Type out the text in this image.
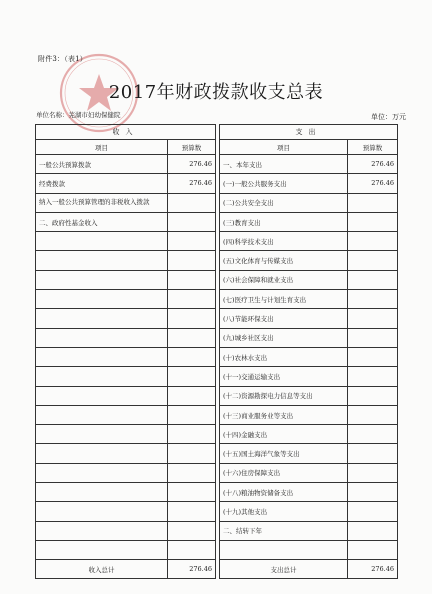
附件3：（表1）
2017年财政拨款收支总表
单位名称：芜湖市妇幼保健院	单位：万元
收入			支出	
项目	预算数		项目	预算数
一般公共预算拨款	276.46		一、本年支出	276.46
经费拨款	276.46		(一)一般公共服务支出	276.46
纳入一般公共预算管理的非税收入拨款			(二)公共安全支出	
二、政府性基金收入			(三)教育支出	
			(四)科学技术支出	
			(五)文化体育与传媒支出	
			(六)社会保障和就业支出	
			(七)医疗卫生与计划生育支出	
			(八)节能环保支出	
			(九)城乡社区支出	
			(十)农林水支出	
			(十一)交通运输支出	
			(十二)资源勘探电力信息等支出	
			(十三)商业服务业等支出	
			(十四)金融支出	
			(十五)国土海洋气象等支出	
			(十六)住房保障支出	
			(十八)粮油物资储备支出	
			(十九)其他支出	
			二、结转下年	

收入总计	276.46		支出总计	276.46
